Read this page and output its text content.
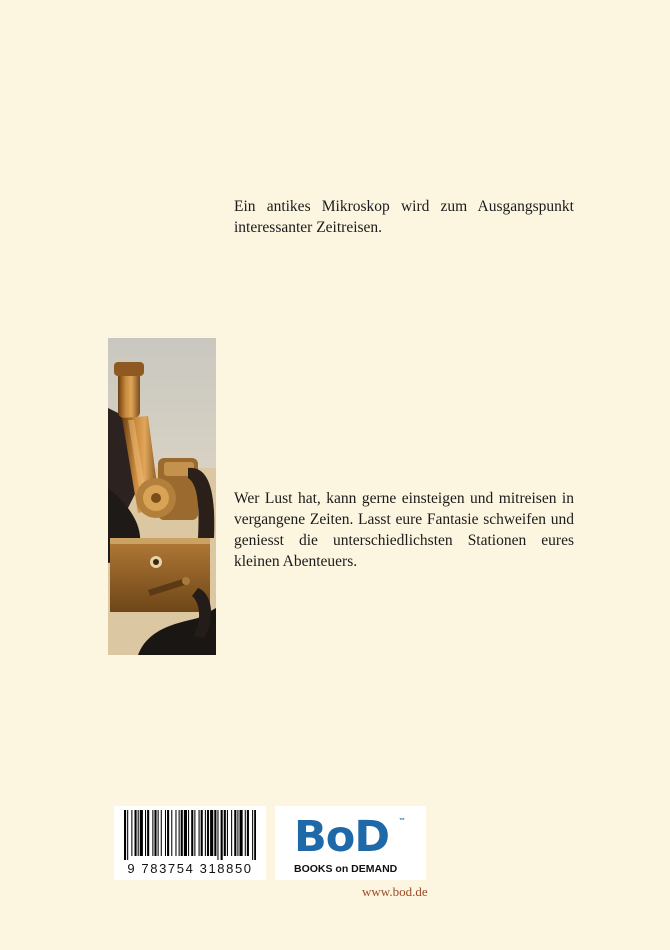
Ein antikes Mikroskop wird zum Ausgangspunkt interessanter Zeitreisen.

Wer Lust hat, kann gerne einsteigen und mitreisen in vergangene Zeiten. Lasst eure Fantasie schweifen und geniesst die unterschiedlichsten Stationen eures kleinen Abenteuers.

9 783754 318850
BoD ™
BOOKS on DEMAND
www.bod.de
